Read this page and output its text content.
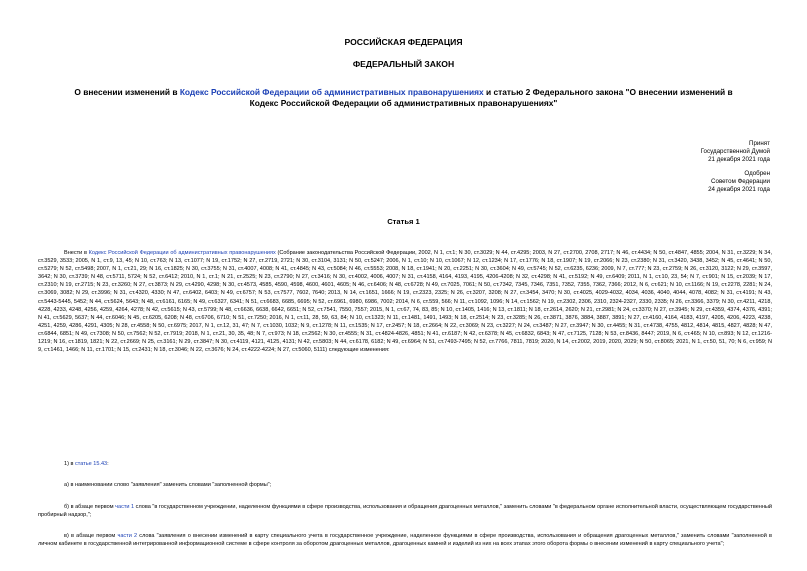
РОССИЙСКАЯ ФЕДЕРАЦИЯ
ФЕДЕРАЛЬНЫЙ ЗАКОН
О внесении изменений в Кодекс Российской Федерации об административных правонарушениях и статью 2 Федерального закона "О внесении изменений в Кодекс Российской Федерации об административных правонарушениях"
Принят
Государственной Думой
21 декабря 2021 года
Одобрен
Советом Федерации
24 декабря 2021 года
Статья 1
Внести в Кодекс Российской Федерации об административных правонарушениях (Собрание законодательства Российской Федерации, 2002, N 1, ст.1; N 30, ст.3029; N 44, ст.4295; 2003, N 27, ст.2700, 2708, 2717; N 46, ст.4434; N 50, ст.4847, 4855; 2004, N 31, ст.3229; N 34, ст.3529, 3533; 2005, N 1, ст.9, 13, 45; N 10, ст.763; N 13, ст.1077; N 19, ст.1752; N 27, ст.2719, 2721; N 30, ст.3104, 3131; N 50, ст.5247; 2006, N 1, ст.10; N 10, ст.1067; N 12, ст.1234; N 17, ст.1776; N 18, ст.1907; N 19, ст.2066; N 23, ст.2380; N 31, ст.3420, 3438, 3452; N 45, ст.4641; N 50, ст.5279; N 52, ст.5498; 2007, N 1, ст.21, 29; N 16, ст.1825; N 30, ст.3755; N 31, ст.4007, 4008; N 41, ст.4845; N 43, ст.5084; N 46, ст.5553; 2008, N 18, ст.1941; N 20, ст.2251; N 30, ст.3604; N 49, ст.5745; N 52, ст.6235, 6236; 2009, N 7, ст.777; N 23, ст.2759; N 26, ст.3120, 3122; N 29, ст.3597, 3642; N 30, ст.3739; N 48, ст.5711, 5724; N 52, ст.6412; 2010, N 1, ст.1; N 21, ст.2525; N 23, ст.2790; N 27, ст.3416; N 30, ст.4002, 4006, 4007; N 31, ст.4158, 4164, 4193, 4195, 4206-4208; N 32, ст.4298; N 41, ст.5192; N 49, ст.6409; 2011, N 1, ст.10, 23, 54; N 7, ст.901; N 15, ст.2039; N 17, ст.2310; N 19, ст.2715; N 23, ст.3260; N 27, ст.3873; N 29, ст.4290, 4298; N 30, ст.4573, 4585, 4590, 4598, 4600, 4601, 4605; N 46, ст.6406; N 48, ст.6728; N 49, ст.7025, 7061; N 50, ст.7342, 7345, 7346, 7351, 7352, 7355, 7362, 7366; 2012, N 6, ст.621; N 10, ст.1166; N 19, ст.2278, 2281; N 24, ст.3069, 3082; N 29, ст.3996; N 31, ст.4320, 4330; N 47, ст.6402, 6403; N 49, ст.6757; N 53, ст.7577, 7602, 7640; 2013, N 14, ст.1651, 1666; N 19, ст.2323, 2325; N 26, ст.3207, 3208; N 27, ст.3454, 3470; N 30, ст.4025, 4029-4032, 4034, 4036, 4040, 4044, 4078, 4082; N 31, ст.4191; N 43, ст.5443-5445, 5452; N 44, ст.5624, 5643; N 48, ст.6161, 6165; N 49, ст.6327, 6341; N 51, ст.6683, 6685, 6695; N 52, ст.6961, 6980, 6986, 7002; 2014, N 6, ст.559, 566; N 11, ст.1092, 1096; N 14, ст.1562; N 19, ст.2302, 2306, 2310, 2324-2327, 2330, 2335; N 26, ст.3366, 3379; N 30, ст.4211, 4218, 4228, 4233, 4248, 4256, 4259, 4264, 4278; N 42, ст.5615; N 43, ст.5799; N 48, ст.6636, 6638, 6642, 6651; N 52, ст.7541, 7550, 7557; 2015, N 1, ст.67, 74, 83, 85; N 10, ст.1405, 1416; N 13, ст.1811; N 18, ст.2614, 2620; N 21, ст.2981; N 24, ст.3370; N 27, ст.3945; N 29, ст.4359, 4374, 4376, 4391; N 41, ст.5629, 5637; N 44, ст.6046; N 45, ст.6205, 6208; N 48, ст.6706, 6710; N 51, ст.7250; 2016, N 1, ст.11, 28, 59, 63, 84; N 10, ст.1323; N 11, ст.1481, 1491, 1493; N 18, ст.2514; N 23, ст.3285; N 26, ст.3871, 3876, 3884, 3887, 3891; N 27, ст.4160, 4164, 4183, 4197, 4205, 4206, 4223, 4238, 4251, 4259, 4286, 4291, 4305; N 28, ст.4558; N 50, ст.6975; 2017, N 1, ст.12, 31, 47; N 7, ст.1030, 1032; N 9, ст.1278; N 11, ст.1535; N 17, ст.2457; N 18, ст.2664; N 22, ст.3069; N 23, ст.3227; N 24, ст.3487; N 27, ст.3947; N 30, ст.4455; N 31, ст.4738, 4755, 4812, 4814, 4815, 4827, 4828; N 47, ст.6844, 6851; N 49, ст.7308; N 50, ст.7562; N 52, ст.7919; 2018, N 1, ст.21, 30, 35, 48; N 7, ст.973; N 18, ст.2562; N 30, ст.4555; N 31, ст.4824-4826, 4851; N 41, ст.6187; N 42, ст.6378; N 45, ст.6832, 6843; N 47, ст.7125, 7128; N 53, ст.8436, 8447; 2019, N 6, ст.465; N 10, ст.893; N 12, ст.1216-1219; N 16, ст.1819, 1821; N 22, ст.2669; N 25, ст.3161; N 29, ст.3847; N 30, ст.4119, 4121, 4125, 4131; N 42, ст.5803; N 44, ст.6178, 6182; N 49, ст.6964; N 51, ст.7493-7495; N 52, ст.7766, 7811, 7819; 2020, N 14, ст.2002, 2019, 2020, 2029; N 50, ст.8065; 2021, N 1, ст.50, 51, 70; N 6, ст.959; N 9, ст.1461, 1466; N 11, ст.1701; N 15, ст.2431; N 18, ст.3046; N 22, ст.3676; N 24, ст.4222-4224; N 27, ст.5060, 5111) следующие изменения:
1) в статье 15.43:
а) в наименовании слово "заявления" заменить словами "заполненной формы";
б) в абзаце первом части 1 слова "в государственном учреждении, наделенном функциями в сфере производства, использования и обращения драгоценных металлов," заменить словами "в федеральном органе исполнительной власти, осуществляющем государственный пробирный надзор,";
в) в абзаце первом части 2 слова "заявления о внесении изменений в карту специального учета в государственное учреждение, наделенное функциями в сфере производства, использования и обращения драгоценных металлов," заменить словами "заполненной в личном кабинете в государственной интегрированной информационной системе в сфере контроля за оборотом драгоценных металлов, драгоценных камней и изделий из них на всех этапах этого оборота формы о внесении изменений в карту специального учета";
